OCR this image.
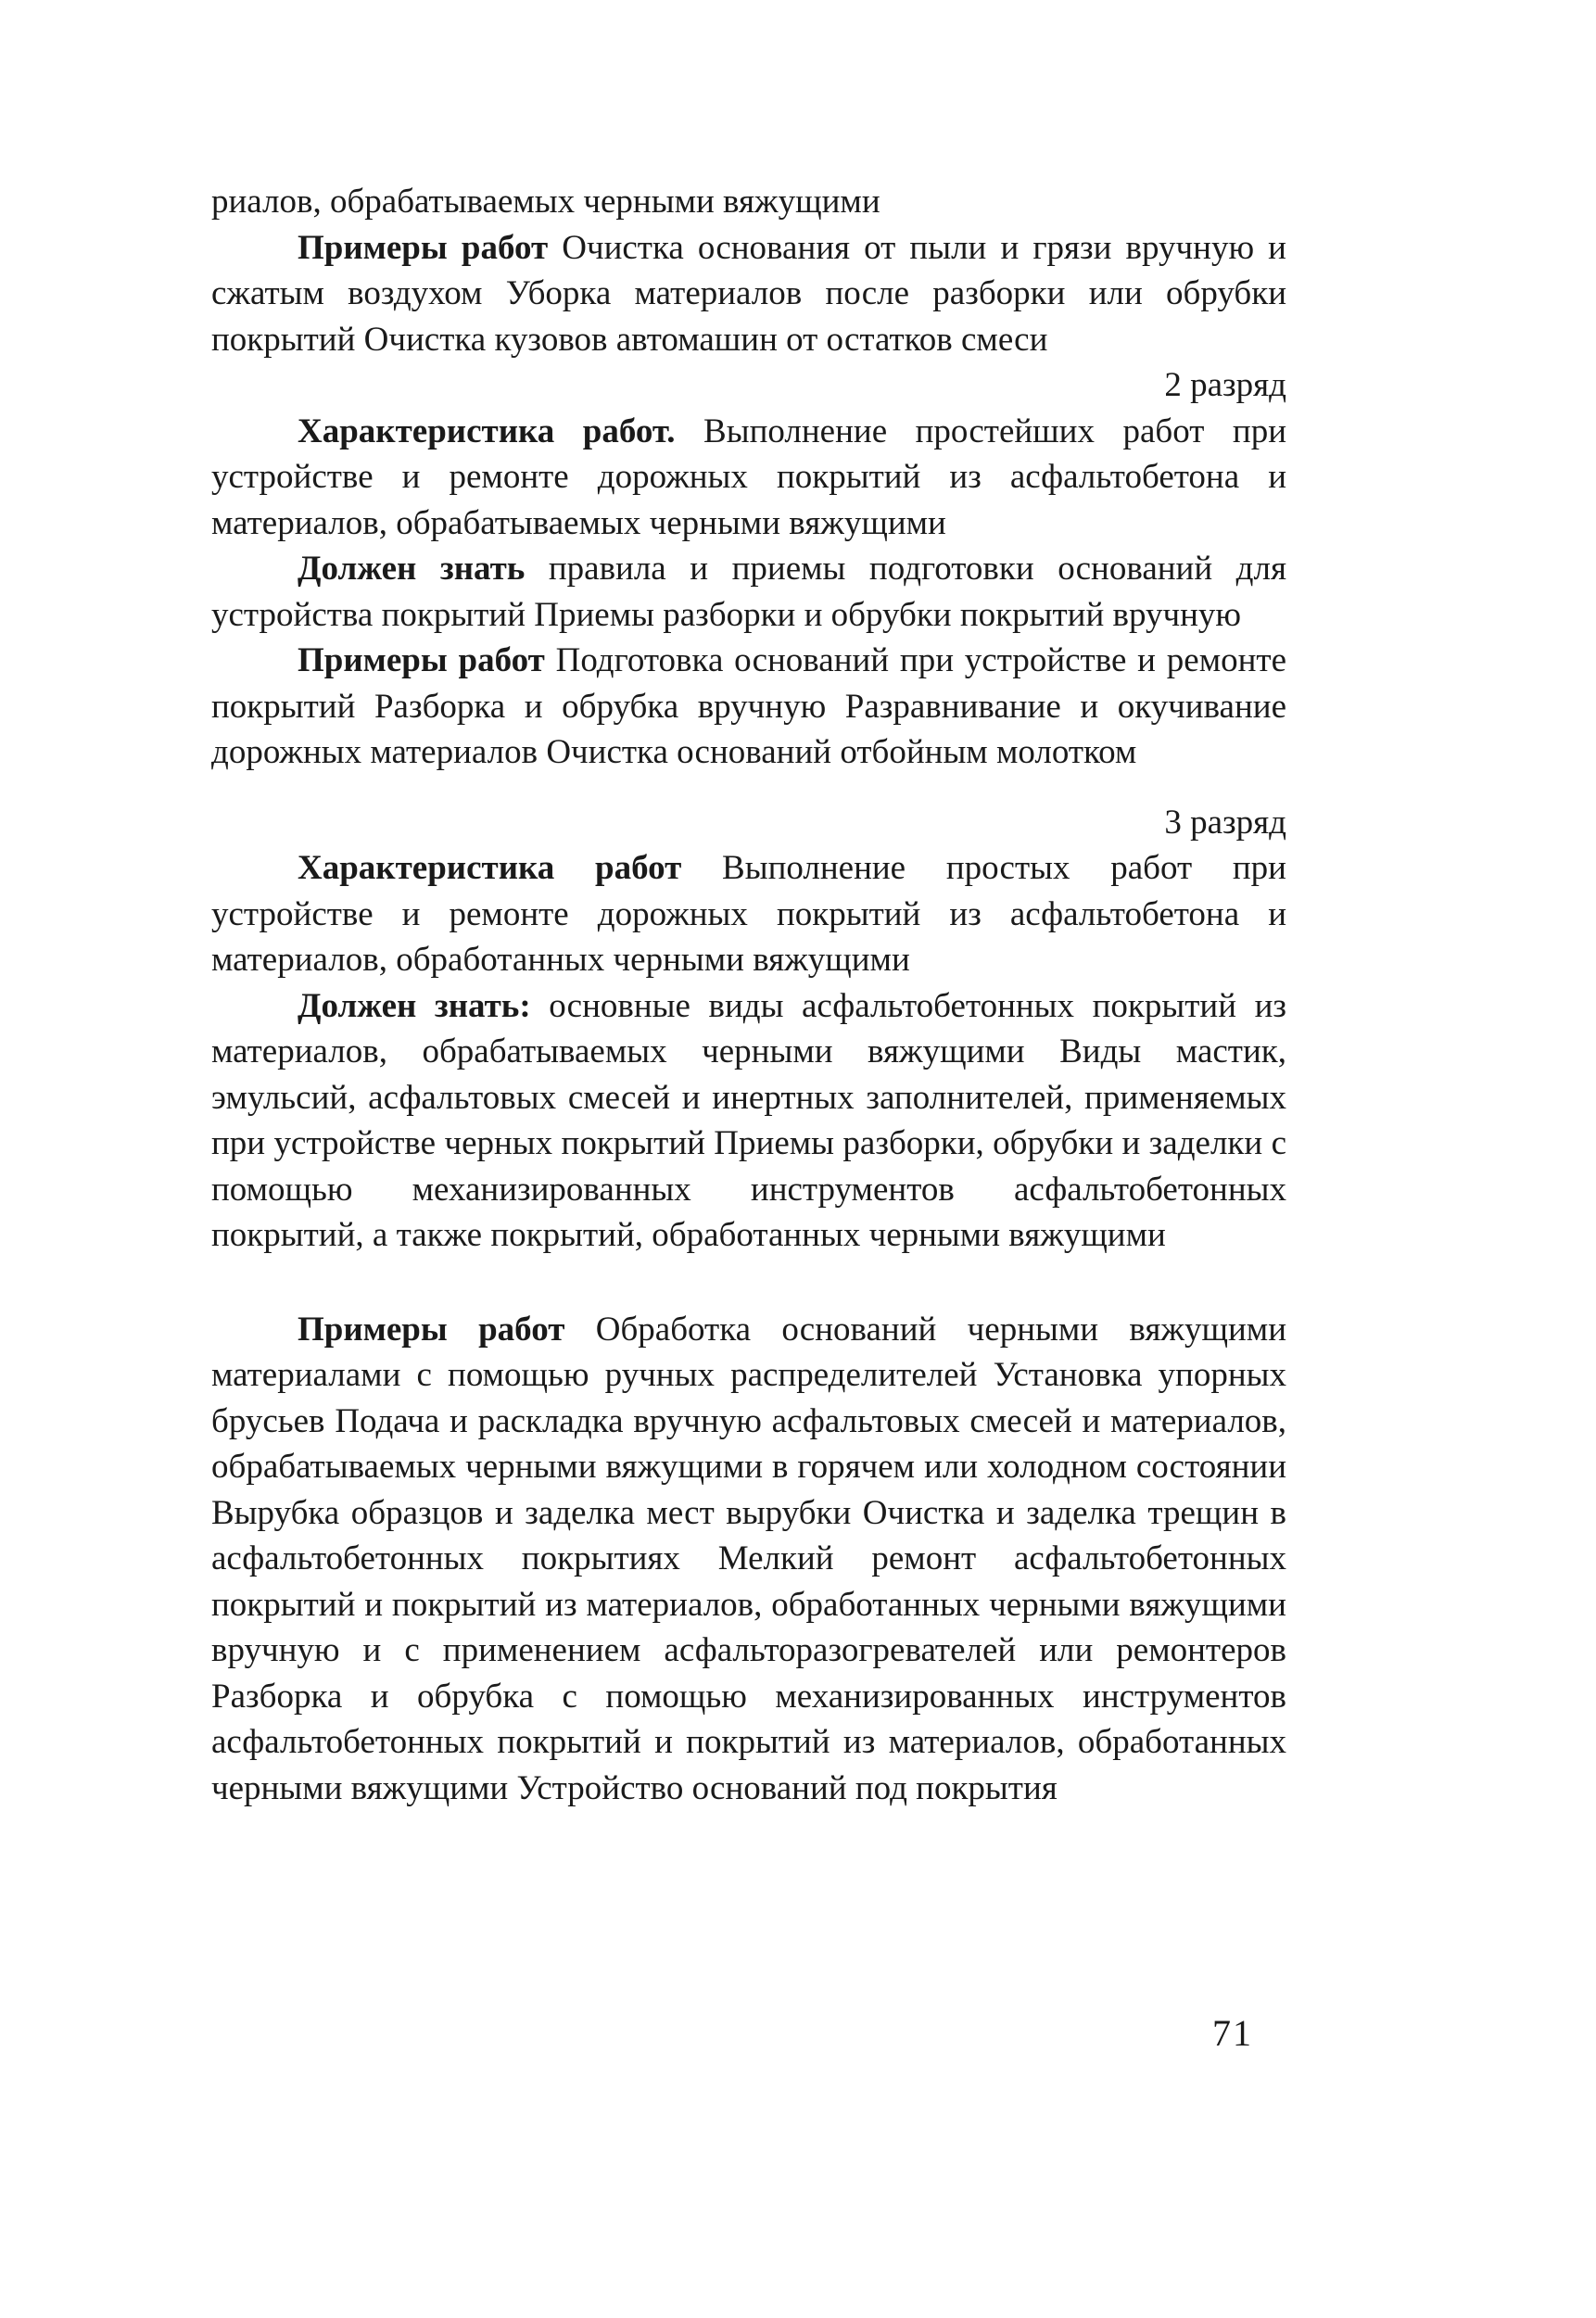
риалов, обрабатываемых черными вяжущими

Примеры работ Очистка основания от пыли и грязи вручную и сжатым воздухом Уборка материалов после разборки или обрубки покрытий Очистка кузовов автомашин от остатков смеси

2 разряд

Характеристика работ. Выполнение простейших работ при устройстве и ремонте дорожных покрытий из асфальтобетона и материалов, обрабатываемых черными вяжущими

Должен знать правила и приемы подготовки оснований для устройства покрытий Приемы разборки и обрубки покрытий вручную

Примеры работ Подготовка оснований при устройстве и ремонте покрытий Разборка и обрубка вручную Разравнивание и окучивание дорожных материалов Очистка оснований отбойным молотком

3 разряд

Характеристика работ Выполнение простых работ при устройстве и ремонте дорожных покрытий из асфальтобетона и материалов, обработанных черными вяжущими

Должен знать: основные виды асфальтобетонных покрытий из материалов, обрабатываемых черными вяжущими Виды мастик, эмульсий, асфальтовых смесей и инертных заполнителей, применяемых при устройстве черных покрытий Приемы разборки, обрубки и заделки с помощью механизированных инструментов асфальтобетонных покрытий, а также покрытий, обработанных черными вяжущими

Примеры работ Обработка оснований черными вяжущими материалами с помощью ручных распределителей Установка упорных брусьев Подача и раскладка вручную асфальтовых смесей и материалов, обрабатываемых черными вяжущими в горячем или холодном состоянии Вырубка образцов и заделка мест вырубки Очистка и заделка трещин в асфальтобетонных покрытиях Мелкий ремонт асфальтобетонных покрытий и покрытий из материалов, обработанных черными вяжущими вручную и с применением асфальторазогревателей или ремонтеров Разборка и обрубка с помощью механизированных инструментов асфальтобетонных покрытий и покрытий из материалов, обработанных черными вяжущими Устройство оснований под покрытия

71
